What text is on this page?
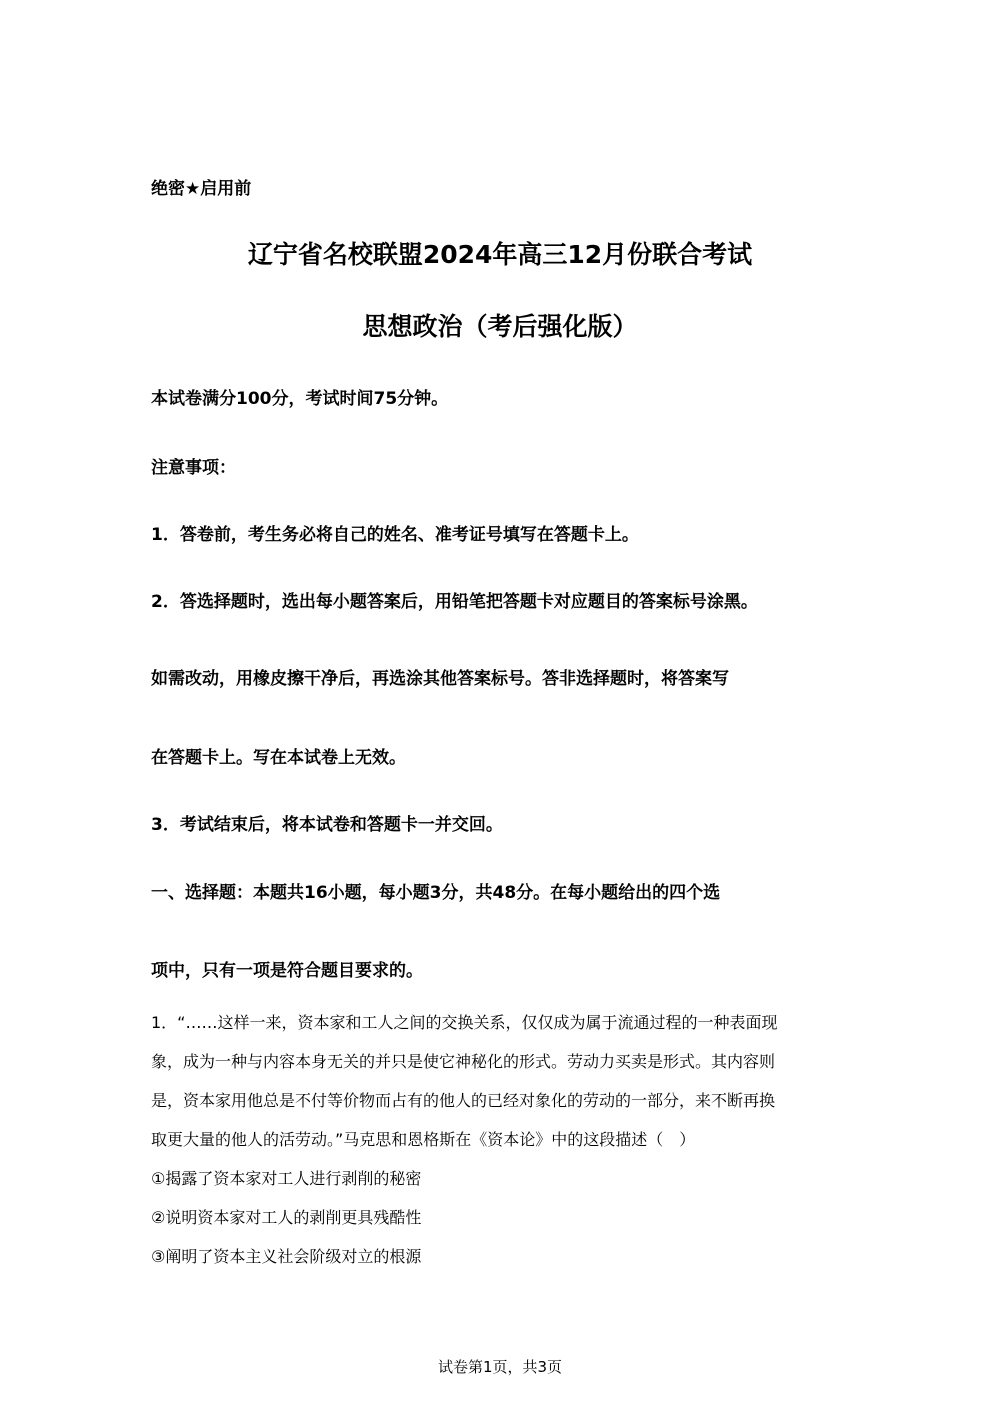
绝密★启用前
辽宁省名校联盟2024年高三12月份联合考试
思想政治（考后强化版）
本试卷满分100分，考试时间75分钟。
注意事项：
1．答卷前，考生务必将自己的姓名、准考证号填写在答题卡上。
2．答选择题时，选出每小题答案后，用铅笔把答题卡对应题目的答案标号涂黑。
如需改动，用橡皮擦干净后，再选涂其他答案标号。答非选择题时，将答案写
在答题卡上。写在本试卷上无效。
3．考试结束后，将本试卷和答题卡一并交回。
一、选择题：本题共16小题，每小题3分，共48分。在每小题给出的四个选
项中，只有一项是符合题目要求的。
1．“……这样一来，资本家和工人之间的交换关系，仅仅成为属于流通过程的一种表面现
象，成为一种与内容本身无关的并只是使它神秘化的形式。劳动力买卖是形式。其内容则
是，资本家用他总是不付等价物而占有的他人的已经对象化的劳动的一部分，来不断再换
取更大量的他人的活劳动。”马克思和恩格斯在《资本论》中的这段描述（　）
①揭露了资本家对工人进行剥削的秘密
②说明资本家对工人的剥削更具残酷性
③阐明了资本主义社会阶级对立的根源
试卷第1页，共3页
